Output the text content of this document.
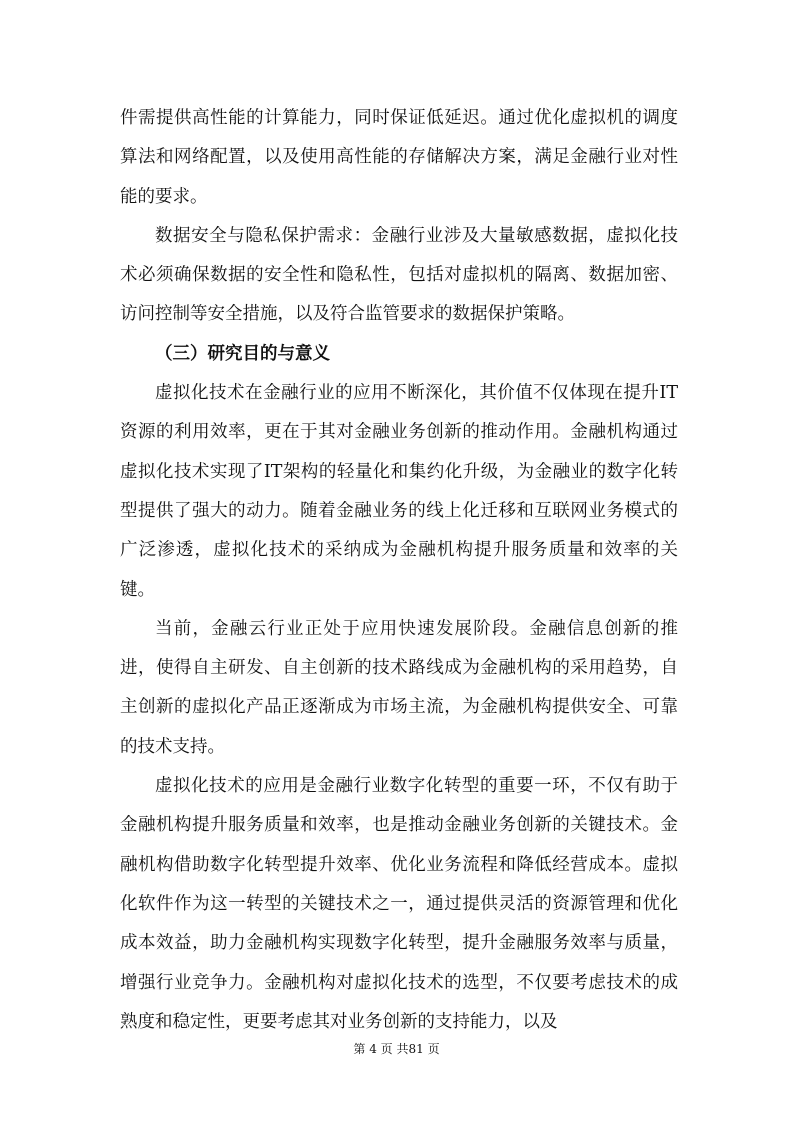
件需提供高性能的计算能力，同时保证低延迟。通过优化虚拟机的调度算法和网络配置，以及使用高性能的存储解决方案，满足金融行业对性能的要求。

数据安全与隐私保护需求：金融行业涉及大量敏感数据，虚拟化技术必须确保数据的安全性和隐私性，包括对虚拟机的隔离、数据加密、访问控制等安全措施，以及符合监管要求的数据保护策略。

（三）研究目的与意义

虚拟化技术在金融行业的应用不断深化，其价值不仅体现在提升IT资源的利用效率，更在于其对金融业务创新的推动作用。金融机构通过虚拟化技术实现了IT架构的轻量化和集约化升级，为金融业的数字化转型提供了强大的动力。随着金融业务的线上化迁移和互联网业务模式的广泛渗透，虚拟化技术的采纳成为金融机构提升服务质量和效率的关键。

当前，金融云行业正处于应用快速发展阶段。金融信息创新的推进，使得自主研发、自主创新的技术路线成为金融机构的采用趋势，自主创新的虚拟化产品正逐渐成为市场主流，为金融机构提供安全、可靠的技术支持。

虚拟化技术的应用是金融行业数字化转型的重要一环，不仅有助于金融机构提升服务质量和效率，也是推动金融业务创新的关键技术。金融机构借助数字化转型提升效率、优化业务流程和降低经营成本。虚拟化软件作为这一转型的关键技术之一，通过提供灵活的资源管理和优化成本效益，助力金融机构实现数字化转型，提升金融服务效率与质量，增强行业竞争力。金融机构对虚拟化技术的选型，不仅要考虑技术的成熟度和稳定性，更要考虑其对业务创新的支持能力，以及

第 4 页 共81 页
